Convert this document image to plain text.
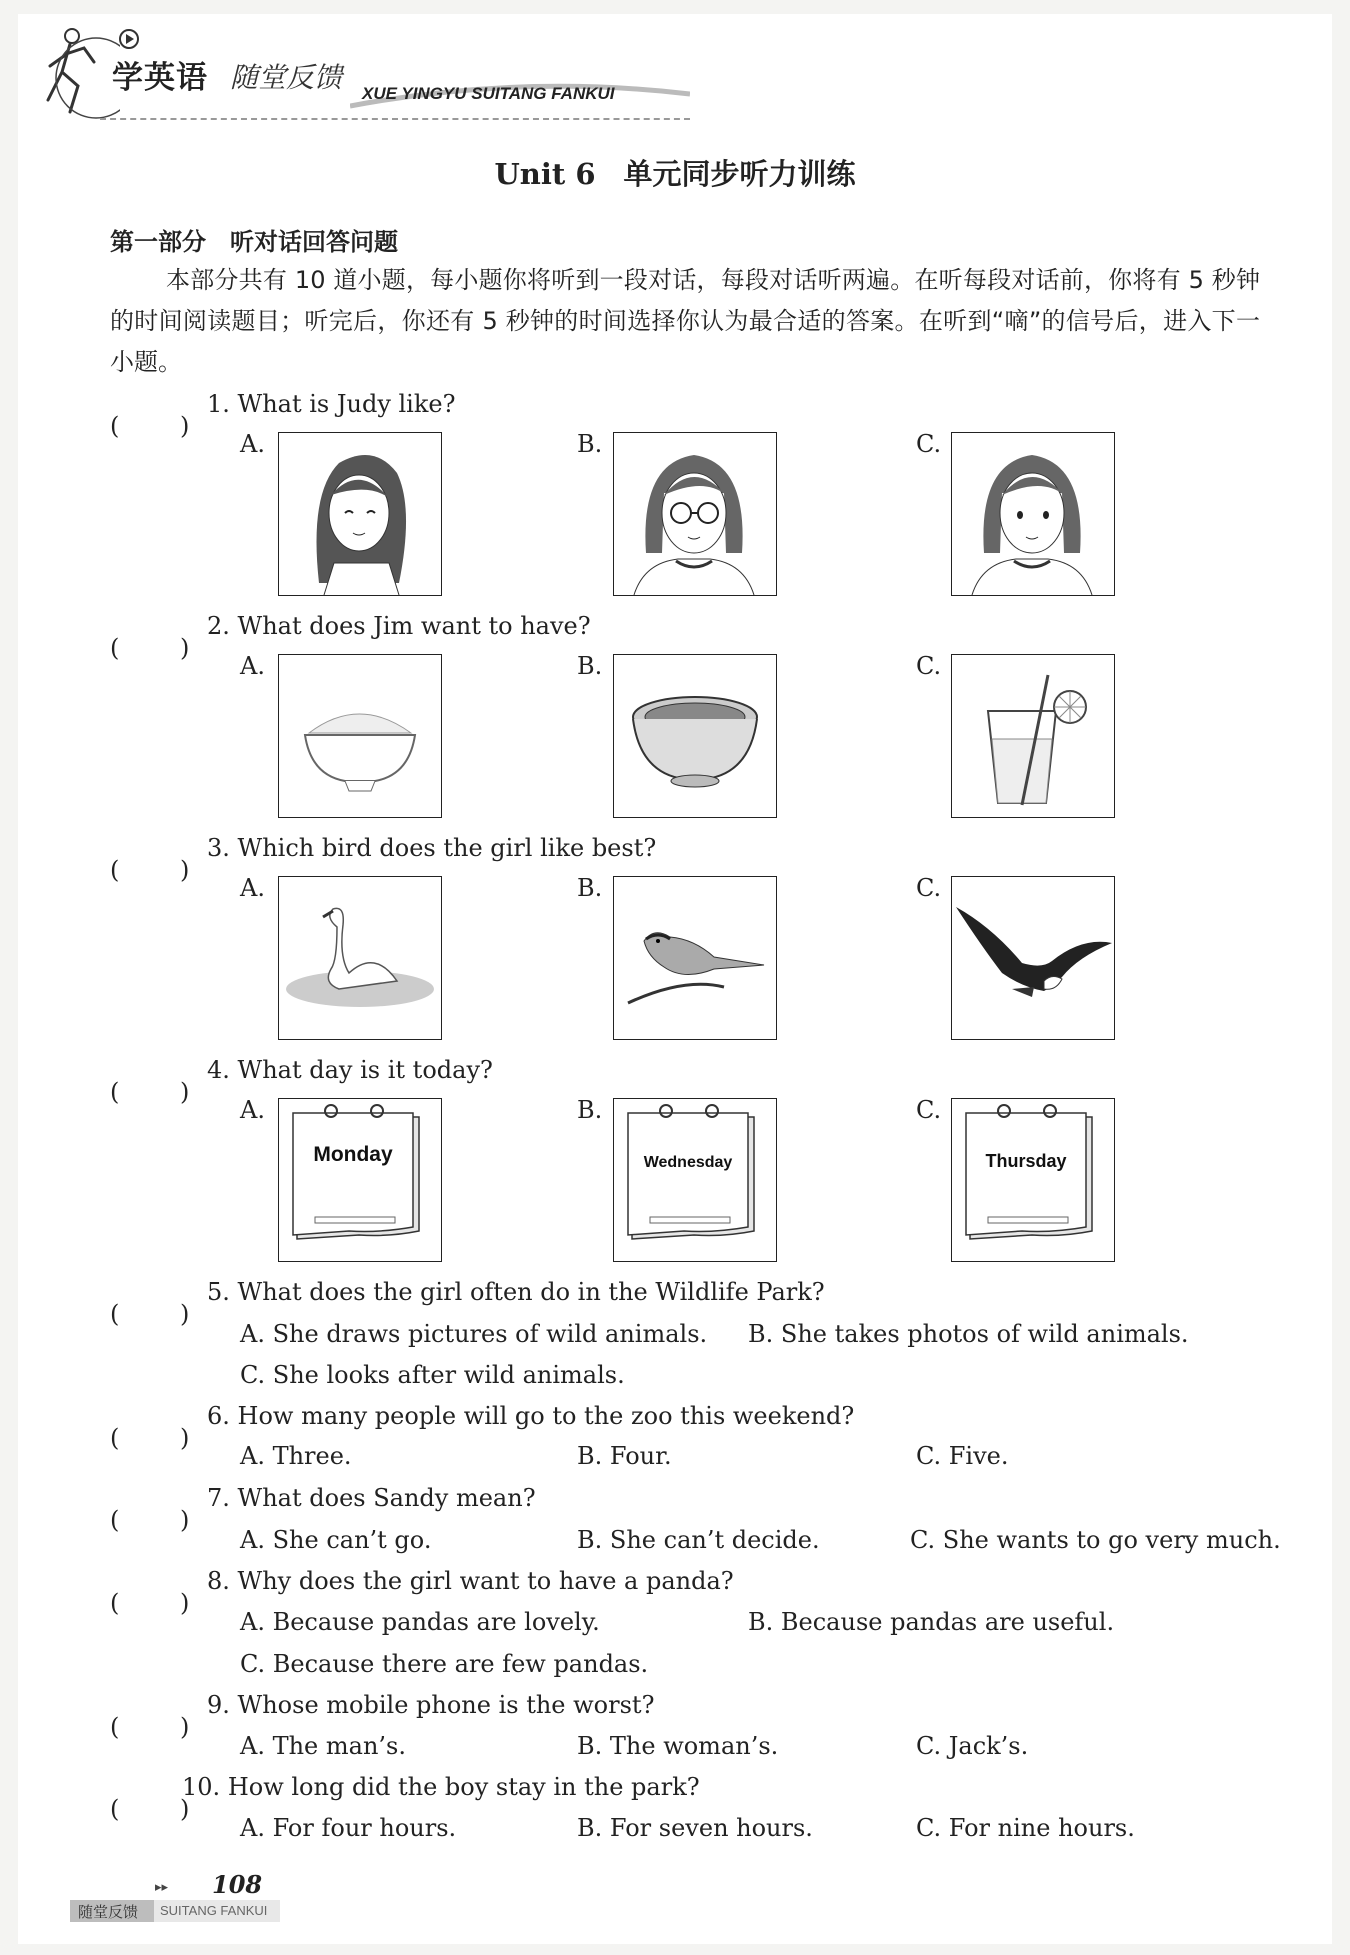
学英语 随堂反馈 XUE YINGYU SUITANG FANKUI
Unit 6 单元同步听力训练
第一部分 听对话回答问题
本部分共有 10 道小题，每小题你将听到一段对话，每段对话听两遍。在听每段对话前，你将有 5 秒钟的时间阅读题目；听完后，你还有 5 秒钟的时间选择你认为最合适的答案。在听到“嘀”的信号后，进入下一小题。
(	)
1. What is Judy like?
A.	B.	C.
(	)
2. What does Jim want to have?
A.	B.	C.
(	)
3. Which bird does the girl like best?
A.	B.	C.
(	)
4. What day is it today?
A.	B.	C.
Monday	Wednesday	Thursday
(	)
5. What does the girl often do in the Wildlife Park?
A. She draws pictures of wild animals. B. She takes photos of wild animals.
C. She looks after wild animals.
(	)
6. How many people will go to the zoo this weekend?
A. Three.	B. Four.	C. Five.
(	)
7. What does Sandy mean?
A. She can’t go.	B. She can’t decide.	C. She wants to go very much.
(	)
8. Why does the girl want to have a panda?
A. Because pandas are lovely.	B. Because pandas are useful.
C. Because there are few pandas.
(	)
9. Whose mobile phone is the worst?
A. The man’s.	B. The woman’s.	C. Jack’s.
(	)
10. How long did the boy stay in the park?
A. For four hours.	B. For seven hours.	C. For nine hours.
▸▸ 108
随堂反馈 SUITANG FANKUI
